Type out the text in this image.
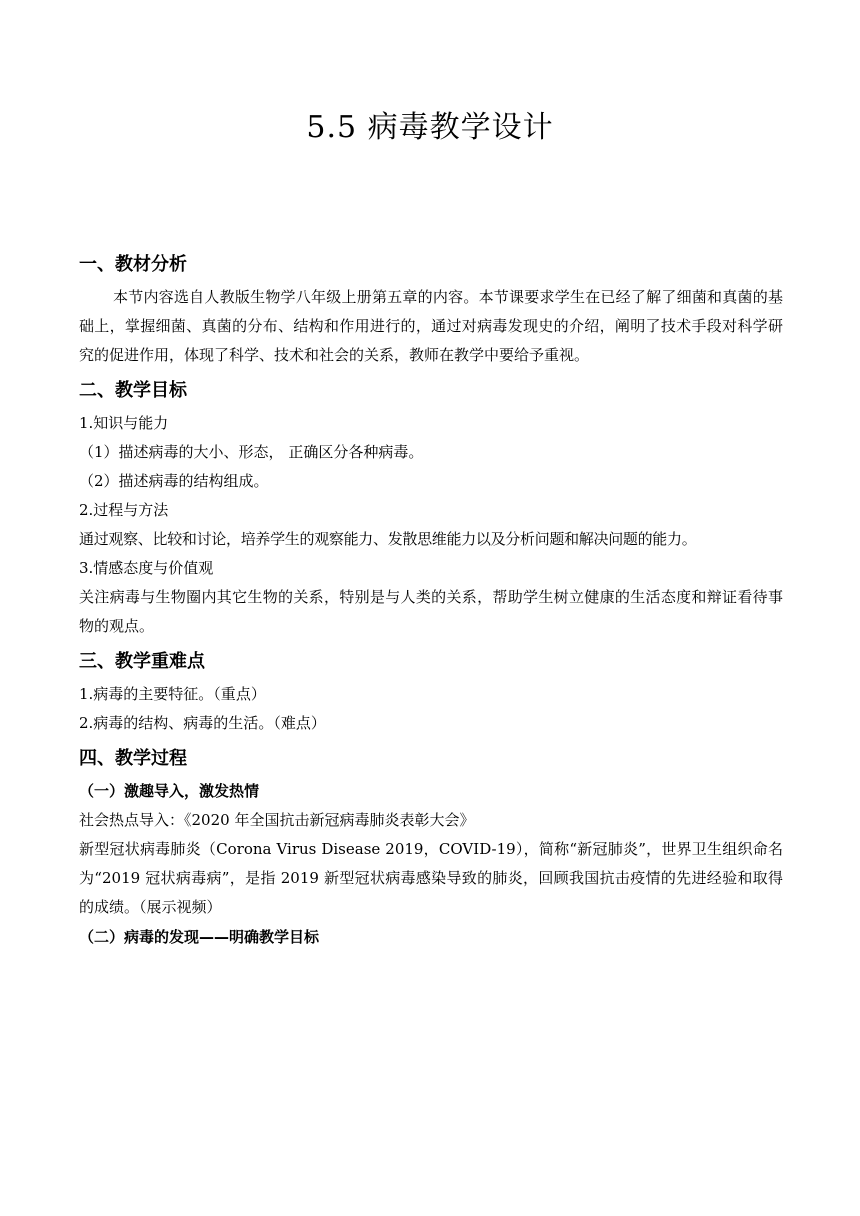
5.5 病毒教学设计
一、教材分析
本节内容选自人教版生物学八年级上册第五章的内容。本节课要求学生在已经了解了细菌和真菌的基础上，掌握细菌、真菌的分布、结构和作用进行的，通过对病毒发现史的介绍，阐明了技术手段对科学研究的促进作用，体现了科学、技术和社会的关系，教师在教学中要给予重视。
二、教学目标
1.知识与能力
（1）描述病毒的大小、形态， 正确区分各种病毒。
（2）描述病毒的结构组成。
2.过程与方法
通过观察、比较和讨论，培养学生的观察能力、发散思维能力以及分析问题和解决问题的能力。
3.情感态度与价值观
关注病毒与生物圈内其它生物的关系，特别是与人类的关系，帮助学生树立健康的生活态度和辩证看待事物的观点。
三、教学重难点
1.病毒的主要特征。（重点）
2.病毒的结构、病毒的生活。（难点）
四、教学过程
（一）激趣导入，激发热情
社会热点导入：《2020 年全国抗击新冠病毒肺炎表彰大会》
新型冠状病毒肺炎（Corona Virus Disease 2019，COVID-19），简称“新冠肺炎”，世界卫生组织命名为“2019 冠状病毒病”，是指 2019 新型冠状病毒感染导致的肺炎，回顾我国抗击疫情的先进经验和取得的成绩。（展示视频）
（二）病毒的发现——明确教学目标
